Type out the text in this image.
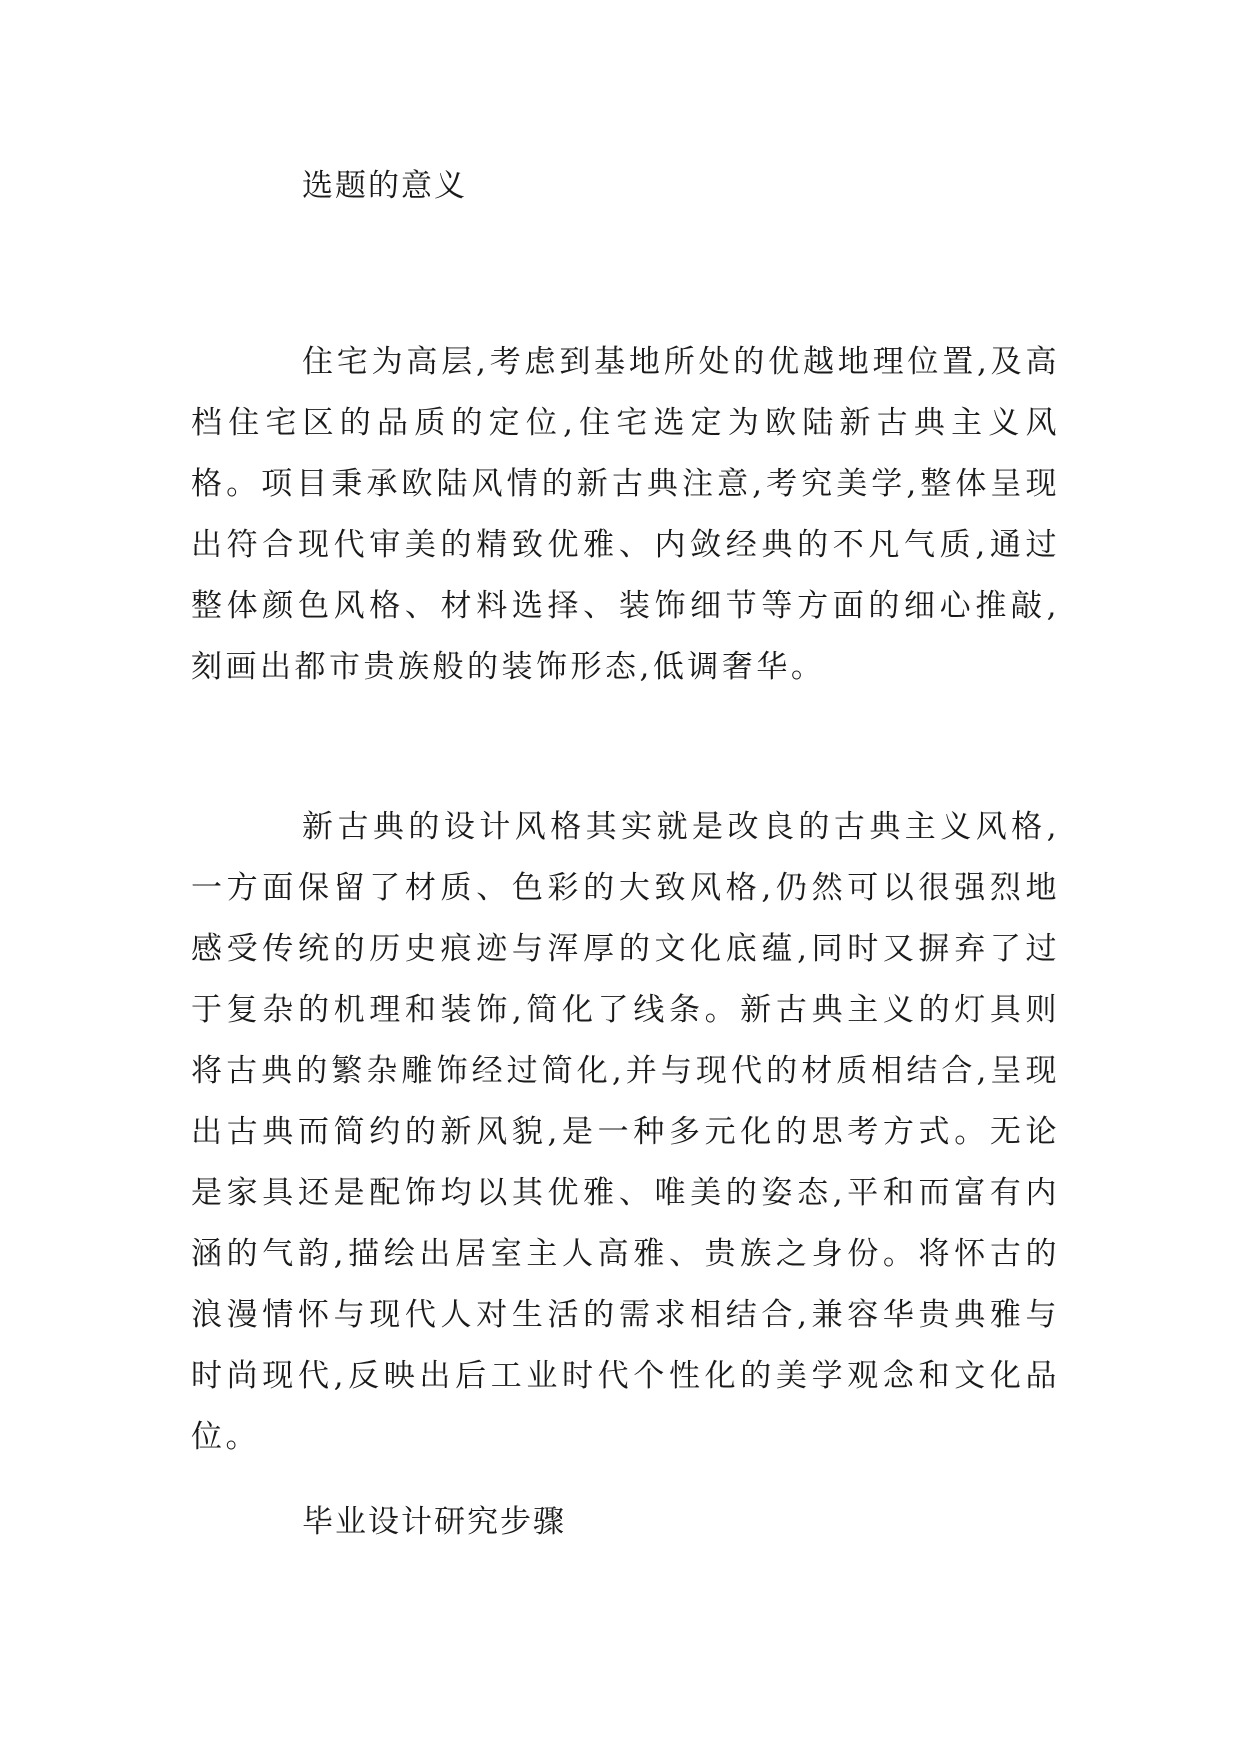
选题的意义

住宅为高层,考虑到基地所处的优越地理位置,及高档住宅区的品质的定位,住宅选定为欧陆新古典主义风格。项目秉承欧陆风情的新古典注意,考究美学,整体呈现出符合现代审美的精致优雅、内敛经典的不凡气质,通过整体颜色风格、材料选择、装饰细节等方面的细心推敲,刻画出都市贵族般的装饰形态,低调奢华。

新古典的设计风格其实就是改良的古典主义风格,一方面保留了材质、色彩的大致风格,仍然可以很强烈地感受传统的历史痕迹与浑厚的文化底蕴,同时又摒弃了过于复杂的机理和装饰,简化了线条。新古典主义的灯具则将古典的繁杂雕饰经过简化,并与现代的材质相结合,呈现出古典而简约的新风貌,是一种多元化的思考方式。无论是家具还是配饰均以其优雅、唯美的姿态,平和而富有内涵的气韵,描绘出居室主人高雅、贵族之身份。将怀古的浪漫情怀与现代人对生活的需求相结合,兼容华贵典雅与时尚现代,反映出后工业时代个性化的美学观念和文化品位。

毕业设计研究步骤
